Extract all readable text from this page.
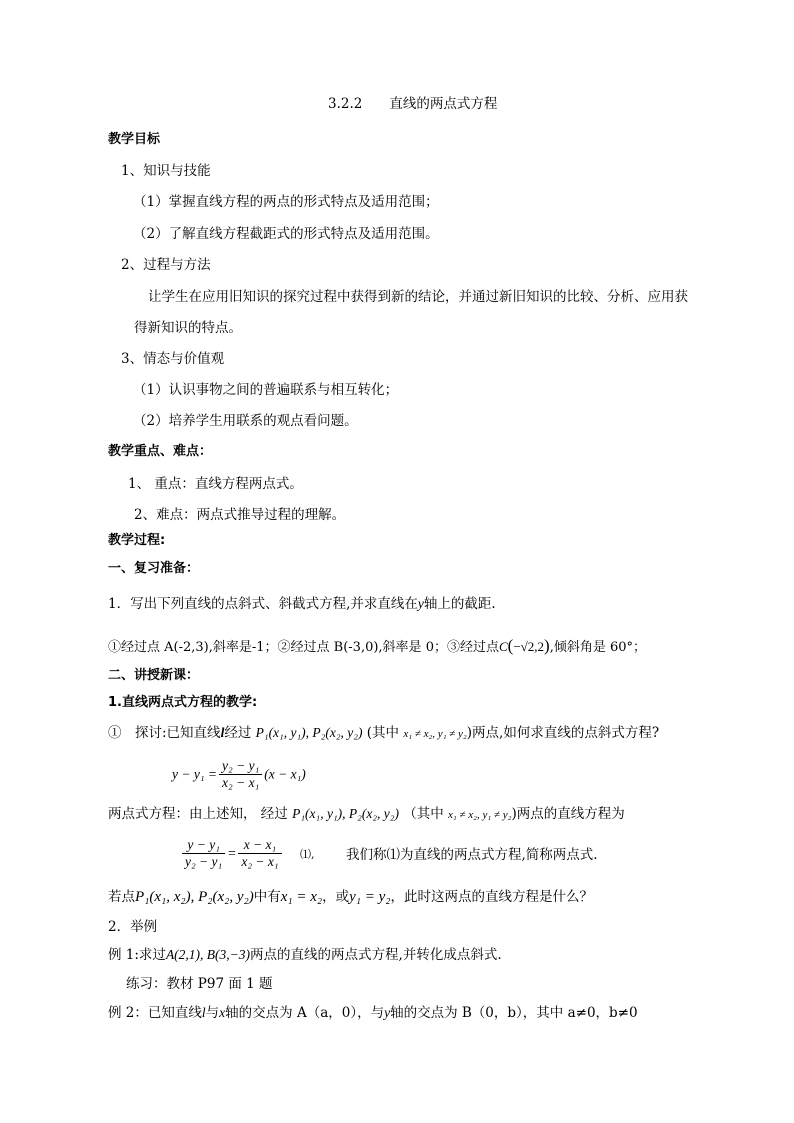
3.2.2　　直线的两点式方程
教学目标
1、知识与技能
（1）掌握直线方程的两点的形式特点及适用范围；
（2）了解直线方程截距式的形式特点及适用范围。
2、过程与方法
让学生在应用旧知识的探究过程中获得到新的结论，并通过新旧知识的比较、分析、应用获
得新知识的特点。
3、情态与价值观
（1）认识事物之间的普遍联系与相互转化；
（2）培养学生用联系的观点看问题。
教学重点、难点：
1、 重点：直线方程两点式。
2、难点：两点式推导过程的理解。
教学过程:
一、复习准备：
1．写出下列直线的点斜式、斜截式方程,并求直线在y轴上的截距.
①经过点 A(-2,3),斜率是-1；②经过点 B(-3,0),斜率是 0；③经过点C(−√2,2),倾斜角是 60°；
二、讲授新课：
1.直线两点式方程的教学:
①　探讨:已知直线l经过 P₁(x₁, y₁), P₂(x₂, y₂) (其中 x₁ ≠ x₂, y₁ ≠ y₂)两点,如何求直线的点斜式方程?
$y - y_1 = \frac{\text{y₂ − y₁}}{\text{x₂ − x₁}} (x - x_1)$
两点式方程：由上述知， 经过 P₁(x₁, y₁), P₂(x₂, y₂) （其中 x₁ ≠ x₂, y₁ ≠ y₂)两点的直线方程为
$\frac{\text{y − y₁}}{\text{y₂ − y₁}} = \frac{\text{x − x₁}}{\text{x₂ − x₁}}$ ⑴, 我们称⑴为直线的两点式方程,简称两点式.
若点P₁(x₁, x₂), P₂(x₂, y₂)中有x₁ = x₂，或y₁ = y₂，此时这两点的直线方程是什么？
2．举例
例 1:求过A(2,1), B(3,−3)两点的直线的两点式方程,并转化成点斜式.
练习：教材 P97 面 1 题
例 2：已知直线l与x轴的交点为 A（a，0），与y轴的交点为 B（0，b），其中 a≠0，b≠0
